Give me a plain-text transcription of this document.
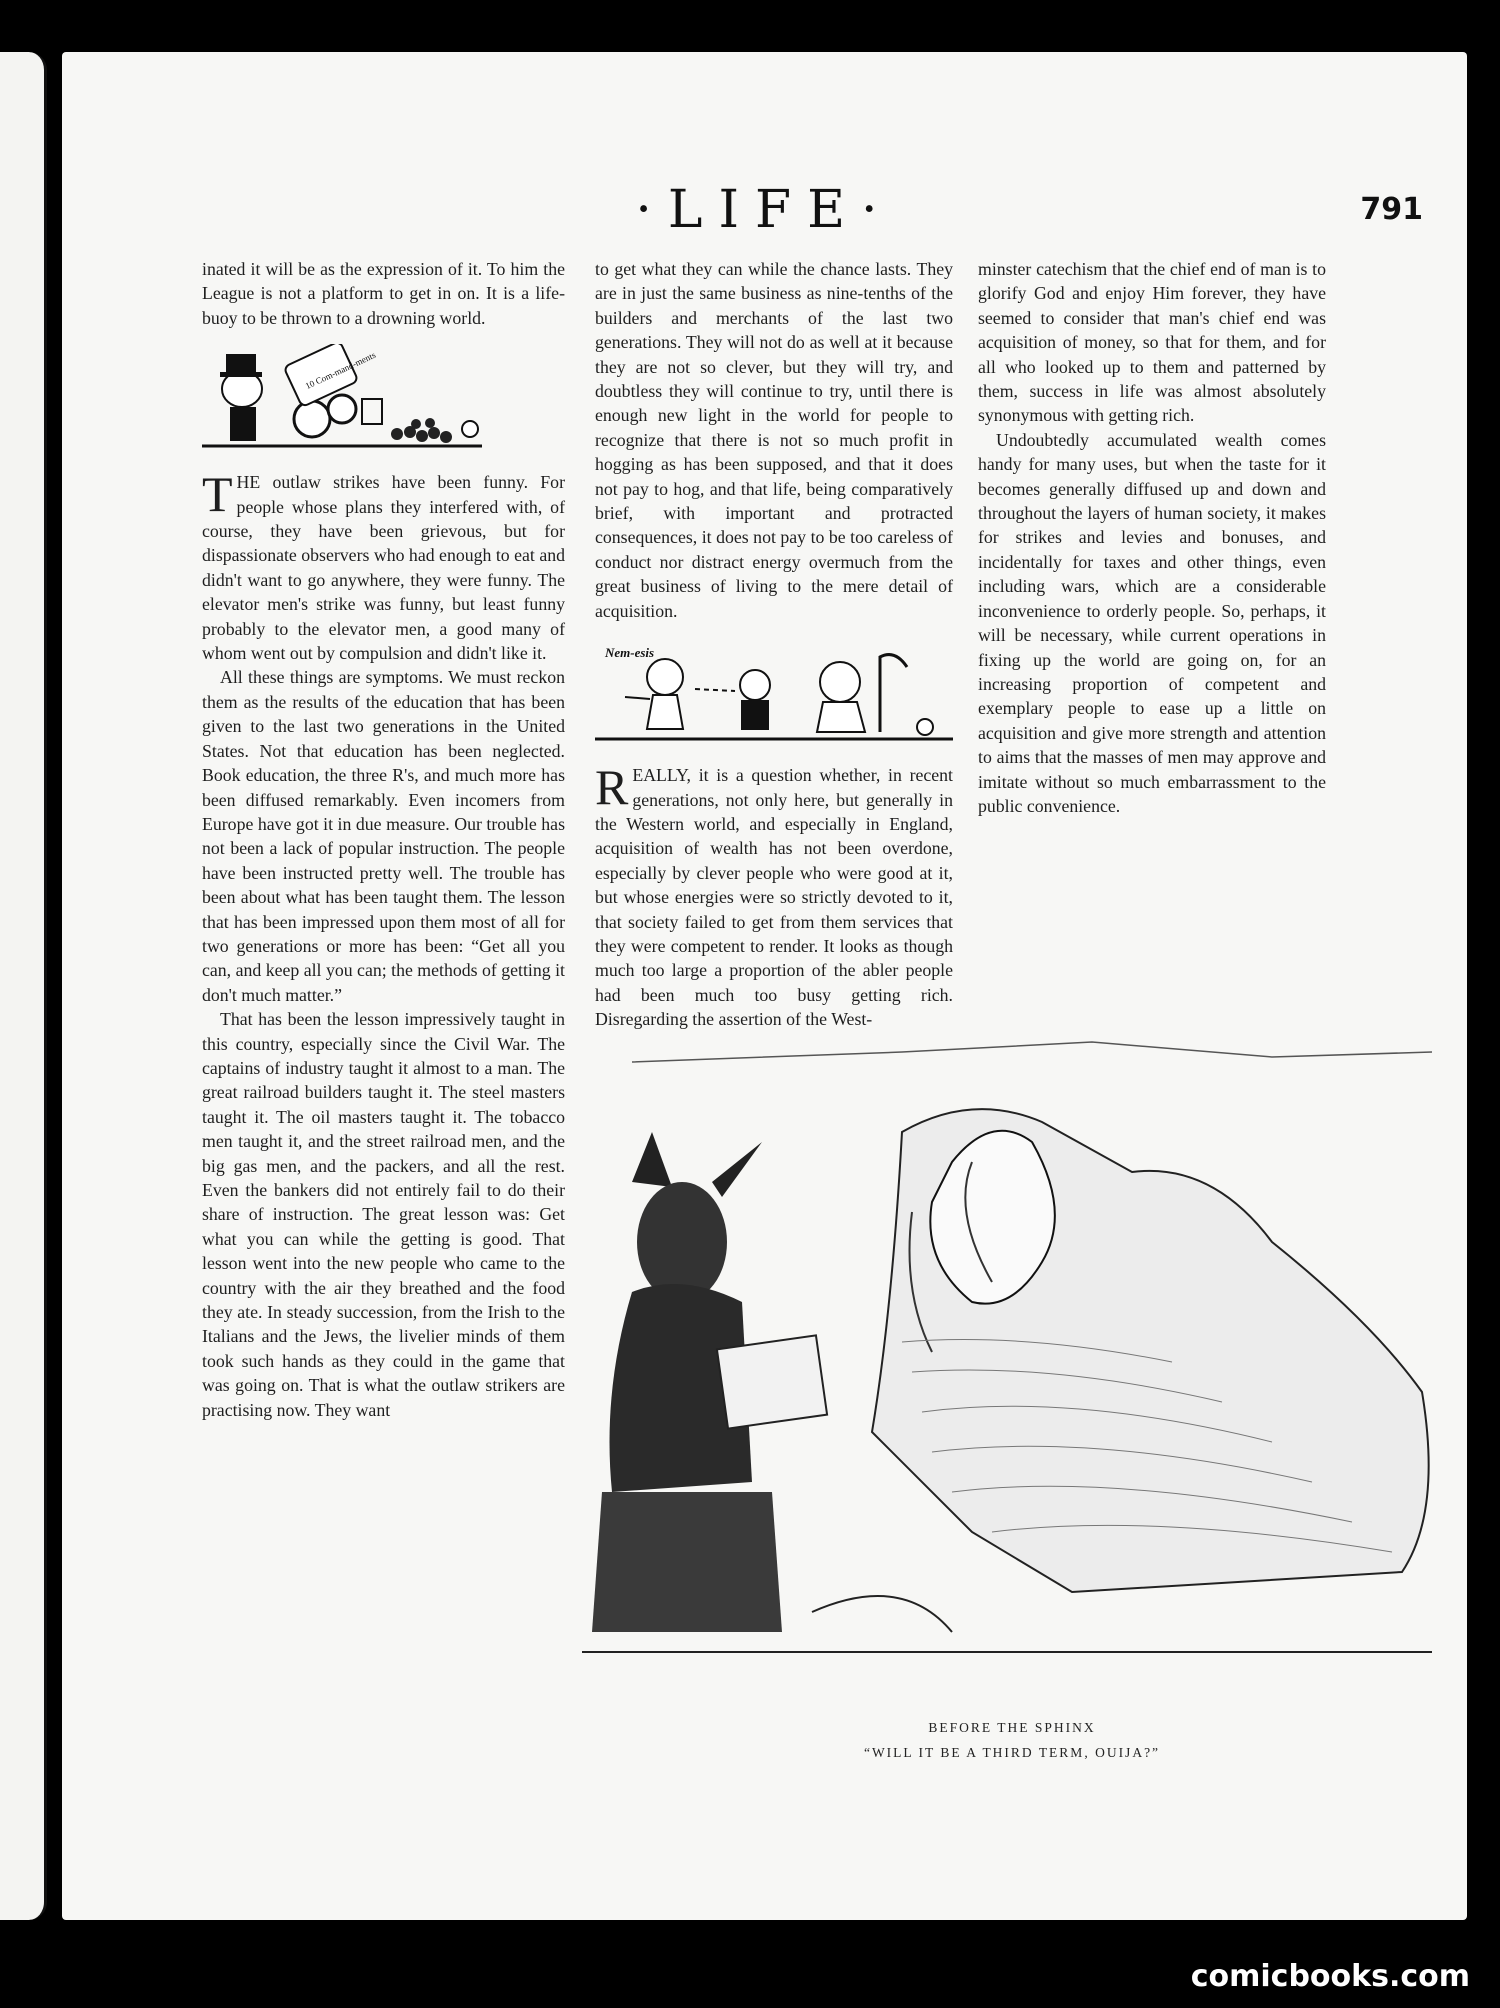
·LIFE·	791

inated it will be as the expression of it. To him the League is not a platform to get in on. It is a life-buoy to be thrown to a drowning world.

10 Com-mand-ments

THE outlaw strikes have been funny. For people whose plans they interfered with, of course, they have been grievous, but for dispassionate observers who had enough to eat and didn't want to go anywhere, they were funny. The elevator men's strike was funny, but least funny probably to the elevator men, a good many of whom went out by compulsion and didn't like it.

All these things are symptoms. We must reckon them as the results of the education that has been given to the last two generations in the United States. Not that education has been neglected. Book education, the three R's, and much more has been diffused remarkably. Even incomers from Europe have got it in due measure. Our trouble has not been a lack of popular instruction. The people have been instructed pretty well. The trouble has been about what has been taught them. The lesson that has been impressed upon them most of all for two generations or more has been: “Get all you can, and keep all you can; the methods of getting it don't much matter.”

That has been the lesson impressively taught in this country, especially since the Civil War. The captains of industry taught it almost to a man. The great railroad builders taught it. The steel masters taught it. The oil masters taught it. The tobacco men taught it, and the street railroad men, and the big gas men, and the packers, and all the rest. Even the bankers did not entirely fail to do their share of instruction. The great lesson was: Get what you can while the getting is good. That lesson went into the new people who came to the country with the air they breathed and the food they ate. In steady succession, from the Irish to the Italians and the Jews, the livelier minds of them took such hands as they could in the game that was going on. That is what the outlaw strikers are practising now. They want

to get what they can while the chance lasts. They are in just the same business as nine-tenths of the builders and merchants of the last two generations. They will not do as well at it because they are not so clever, but they will try, and doubtless they will continue to try, until there is enough new light in the world for people to recognize that there is not so much profit in hogging as has been supposed, and that it does not pay to hog, and that life, being comparatively brief, with important and protracted consequences, it does not pay to be too careless of conduct nor distract energy overmuch from the great business of living to the mere detail of acquisition.

Nem-esis

REALLY, it is a question whether, in recent generations, not only here, but generally in the Western world, and especially in England, acquisition of wealth has not been overdone, especially by clever people who were good at it, but whose energies were so strictly devoted to it, that society failed to get from them services that they were competent to render. It looks as though much too large a proportion of the abler people had been much too busy getting rich. Disregarding the assertion of the West-

minster catechism that the chief end of man is to glorify God and enjoy Him forever, they have seemed to consider that man's chief end was acquisition of money, so that for them, and for all who looked up to them and patterned by them, success in life was almost absolutely synonymous with getting rich.

Undoubtedly accumulated wealth comes handy for many uses, but when the taste for it becomes generally diffused up and down and throughout the layers of human society, it makes for strikes and levies and bonuses, and incidentally for taxes and other things, even including wars, which are a considerable inconvenience to orderly people. So, perhaps, it will be necessary, while current operations in fixing up the world are going on, for an increasing proportion of competent and exemplary people to ease up a little on acquisition and give more strength and attention to aims that the masses of men may approve and imitate without so much embarrassment to the public convenience.

BEFORE THE SPHINX
“WILL IT BE A THIRD TERM, OUIJA?”
comicbooks.com
